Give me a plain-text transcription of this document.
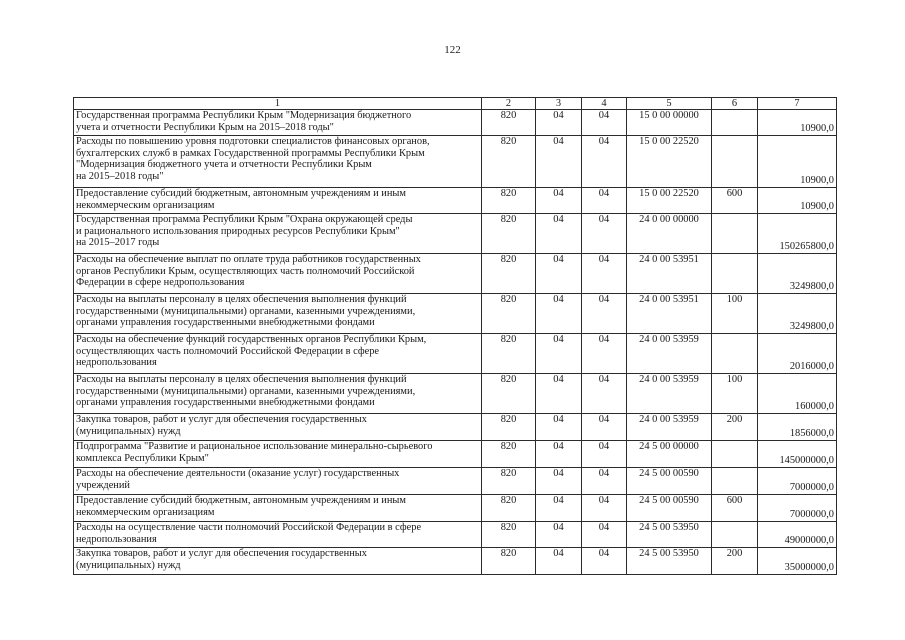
122
1	2	3	4	5	6	7
Государственная программа Республики Крым "Модернизация бюджетного
учета и отчетности Республики Крым на 2015–2018 годы"	820	04	04	15 0 00 00000		10900,0
Расходы по повышению уровня подготовки специалистов финансовых органов,
бухгалтерских служб в рамках Государственной программы Республики Крым
"Модернизация бюджетного учета и отчетности Республики Крым
на 2015–2018 годы"	820	04	04	15 0 00 22520		10900,0
Предоставление субсидий бюджетным, автономным учреждениям и иным
некоммерческим организациям	820	04	04	15 0 00 22520	600	10900,0
Государственная программа Республики Крым "Охрана окружающей среды
и рационального использования природных ресурсов Республики Крым"
на 2015–2017 годы	820	04	04	24 0 00 00000		150265800,0
Расходы на обеспечение выплат по оплате труда работников государственных
органов Республики Крым, осуществляющих часть полномочий Российской
Федерации в сфере недропользования	820	04	04	24 0 00 53951		3249800,0
Расходы на выплаты персоналу в целях обеспечения выполнения функций
государственными (муниципальными) органами, казенными учреждениями,
органами управления государственными внебюджетными фондами	820	04	04	24 0 00 53951	100	3249800,0
Расходы на обеспечение функций государственных органов Республики Крым,
осуществляющих часть полномочий Российской Федерации в сфере
недропользования	820	04	04	24 0 00 53959		2016000,0
Расходы на выплаты персоналу в целях обеспечения выполнения функций
государственными (муниципальными) органами, казенными учреждениями,
органами управления государственными внебюджетными фондами	820	04	04	24 0 00 53959	100	160000,0
Закупка товаров, работ и услуг для обеспечения государственных
(муниципальных) нужд	820	04	04	24 0 00 53959	200	1856000,0
Подпрограмма "Развитие и рациональное использование минерально-сырьевого
комплекса Республики Крым"	820	04	04	24 5 00 00000		145000000,0
Расходы на обеспечение деятельности (оказание услуг) государственных
учреждений	820	04	04	24 5 00 00590		7000000,0
Предоставление субсидий бюджетным, автономным учреждениям и иным
некоммерческим организациям	820	04	04	24 5 00 00590	600	7000000,0
Расходы на осуществление части полномочий Российской Федерации в сфере
недропользования	820	04	04	24 5 00 53950		49000000,0
Закупка товаров, работ и услуг для обеспечения государственных
(муниципальных) нужд	820	04	04	24 5 00 53950	200	35000000,0
